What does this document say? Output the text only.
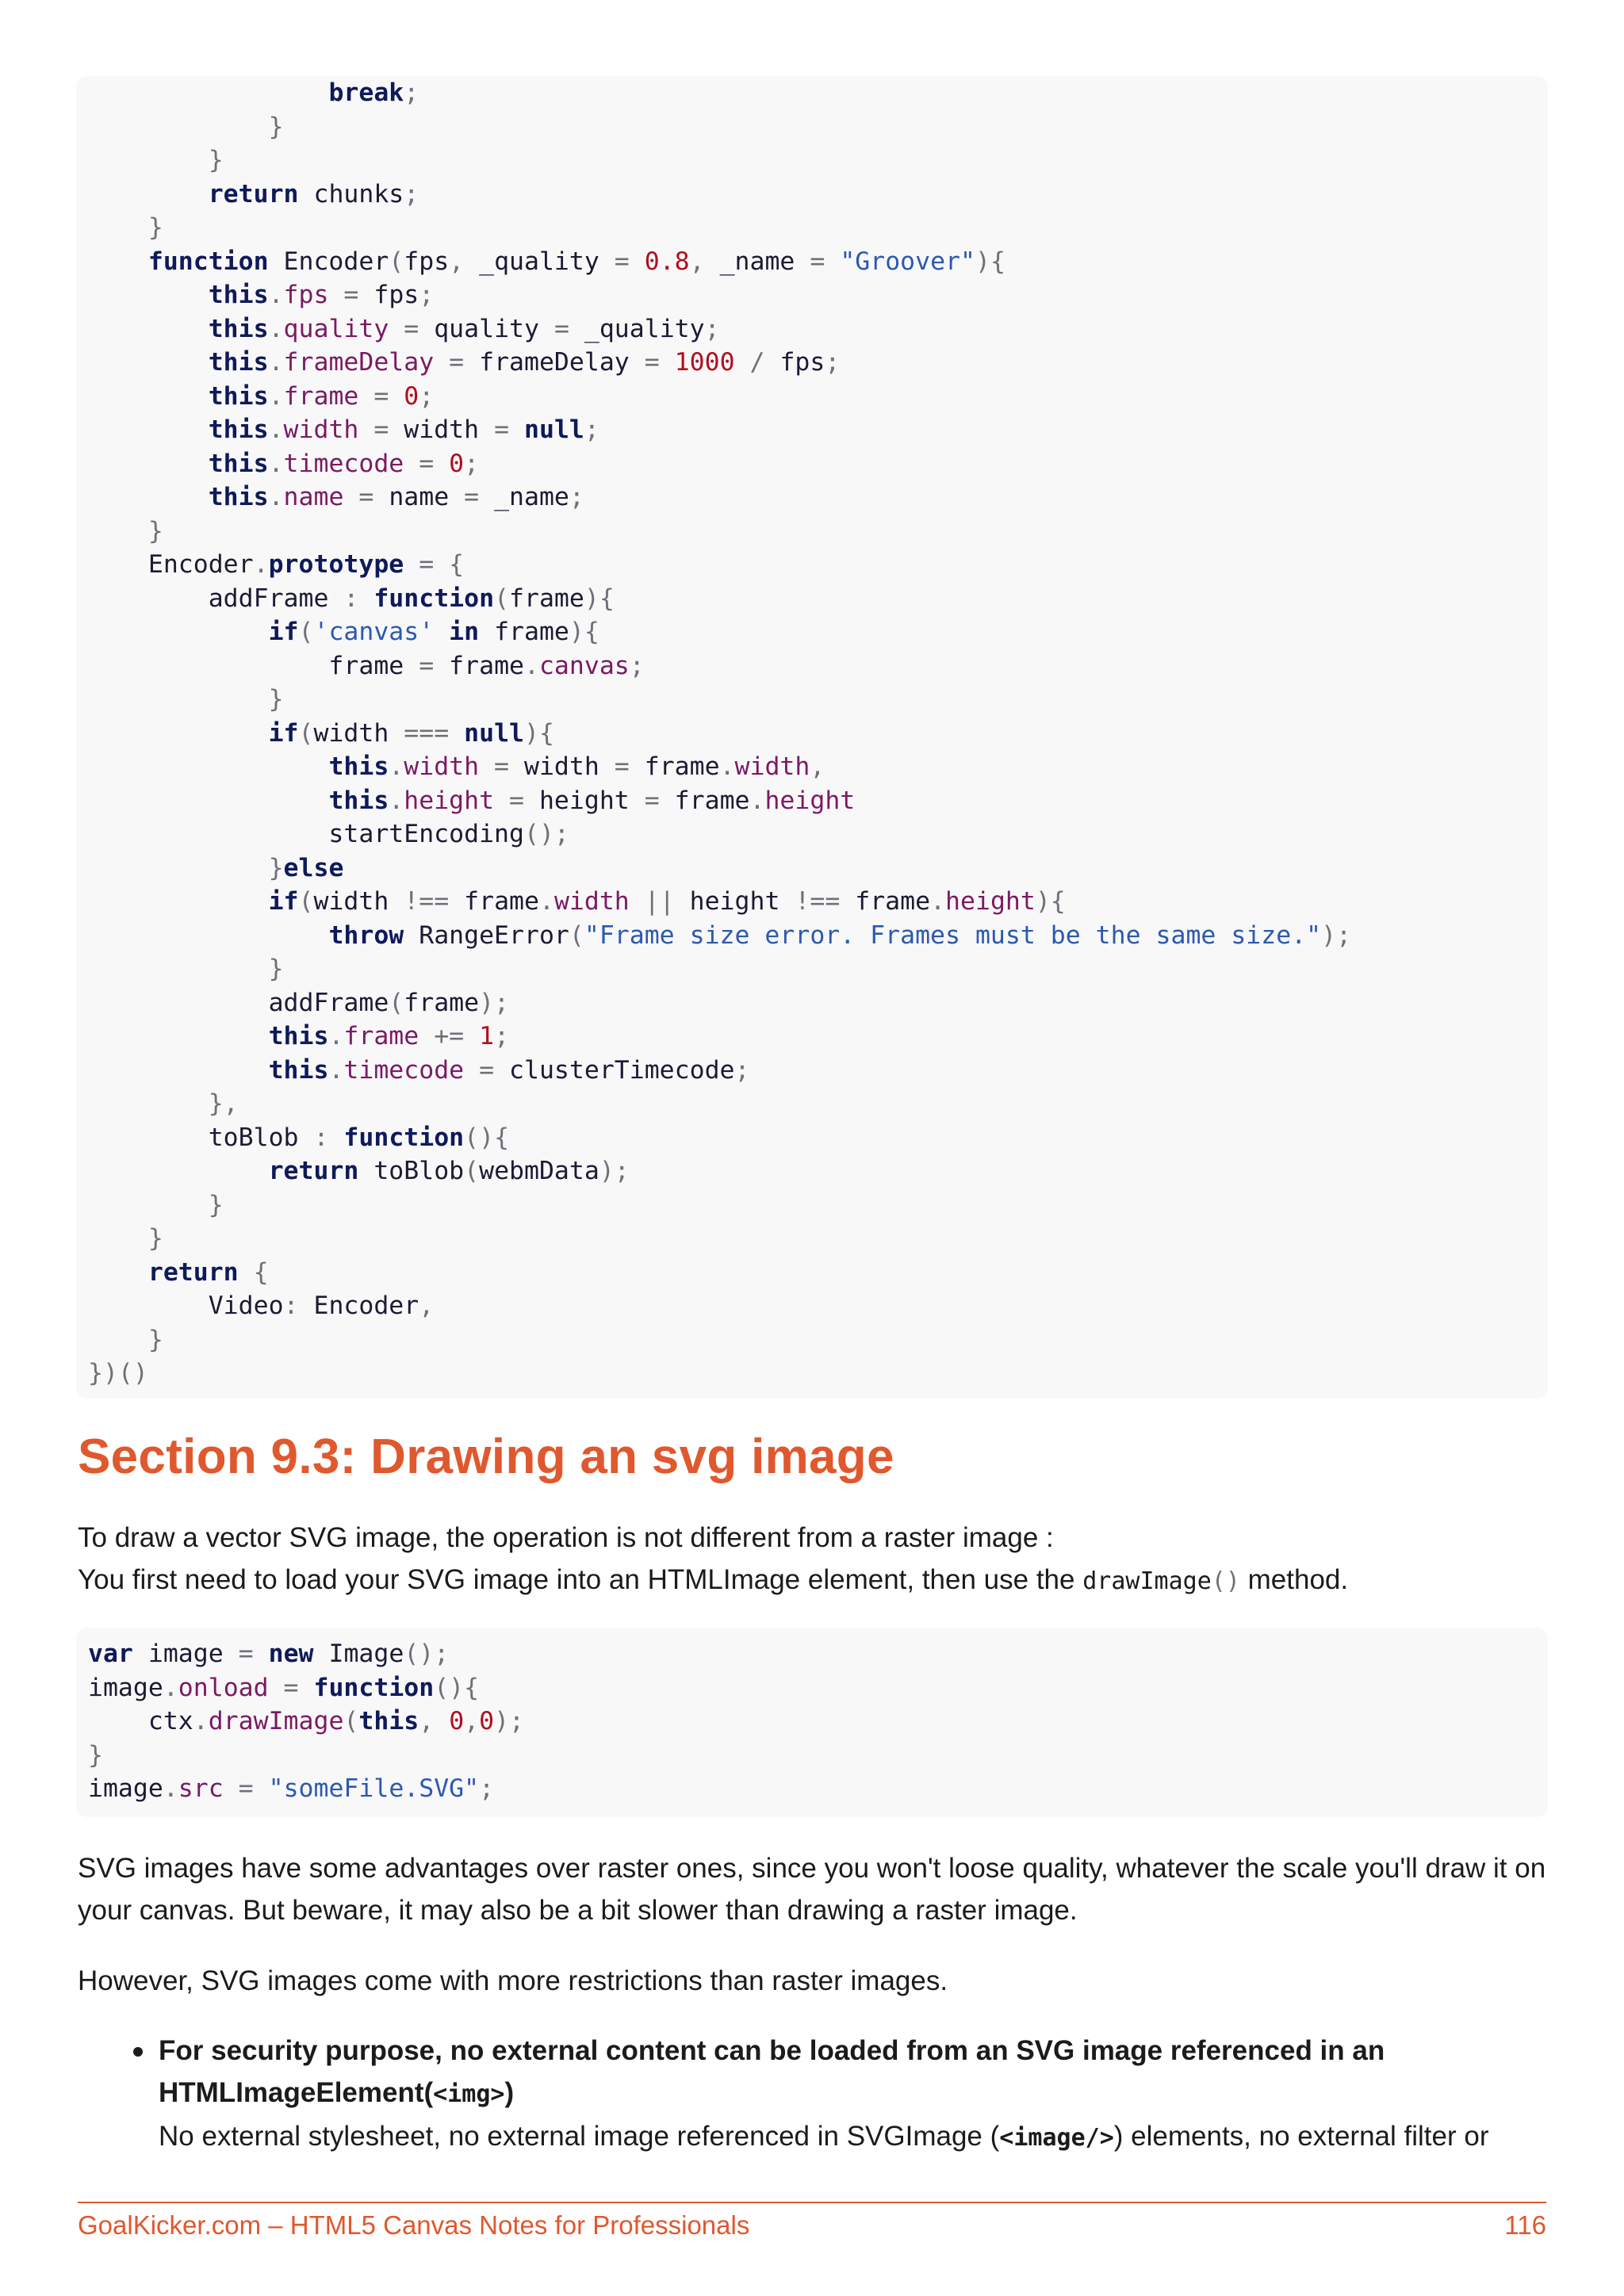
break;
}
}
return chunks;
}
function Encoder(fps, _quality = 0.8, _name = "Groover"){
this.fps = fps;
this.quality = quality = _quality;
this.frameDelay = frameDelay = 1000 / fps;
this.frame = 0;
this.width = width = null;
this.timecode = 0;
this.name = name = _name;
}
Encoder.prototype = {
addFrame : function(frame){
if('canvas' in frame){
frame = frame.canvas;
}
if(width === null){
this.width = width = frame.width,
this.height = height = frame.height
startEncoding();
}else
if(width !== frame.width || height !== frame.height){
throw RangeError("Frame size error. Frames must be the same size.");
}
addFrame(frame);
this.frame += 1;
this.timecode = clusterTimecode;
},
toBlob : function(){
return toBlob(webmData);
}
}
return {
Video: Encoder,
}
})()
Section 9.3: Drawing an svg image

To draw a vector SVG image, the operation is not different from a raster image :
You first need to load your SVG image into an HTMLImage element, then use the drawImage() method.

var image = new Image();
image.onload = function(){
ctx.drawImage(this, 0,0);
}
image.src = "someFile.SVG";

SVG images have some advantages over raster ones, since you won't loose quality, whatever the scale you'll draw it on your canvas. But beware, it may also be a bit slower than drawing a raster image.

However, SVG images come with more restrictions than raster images.

For security purpose, no external content can be loaded from an SVG image referenced in an HTMLImageElement(<img>)
No external stylesheet, no external image referenced in SVGImage (<image/>) elements, no external filter or
GoalKicker.com – HTML5 Canvas Notes for Professionals	116
